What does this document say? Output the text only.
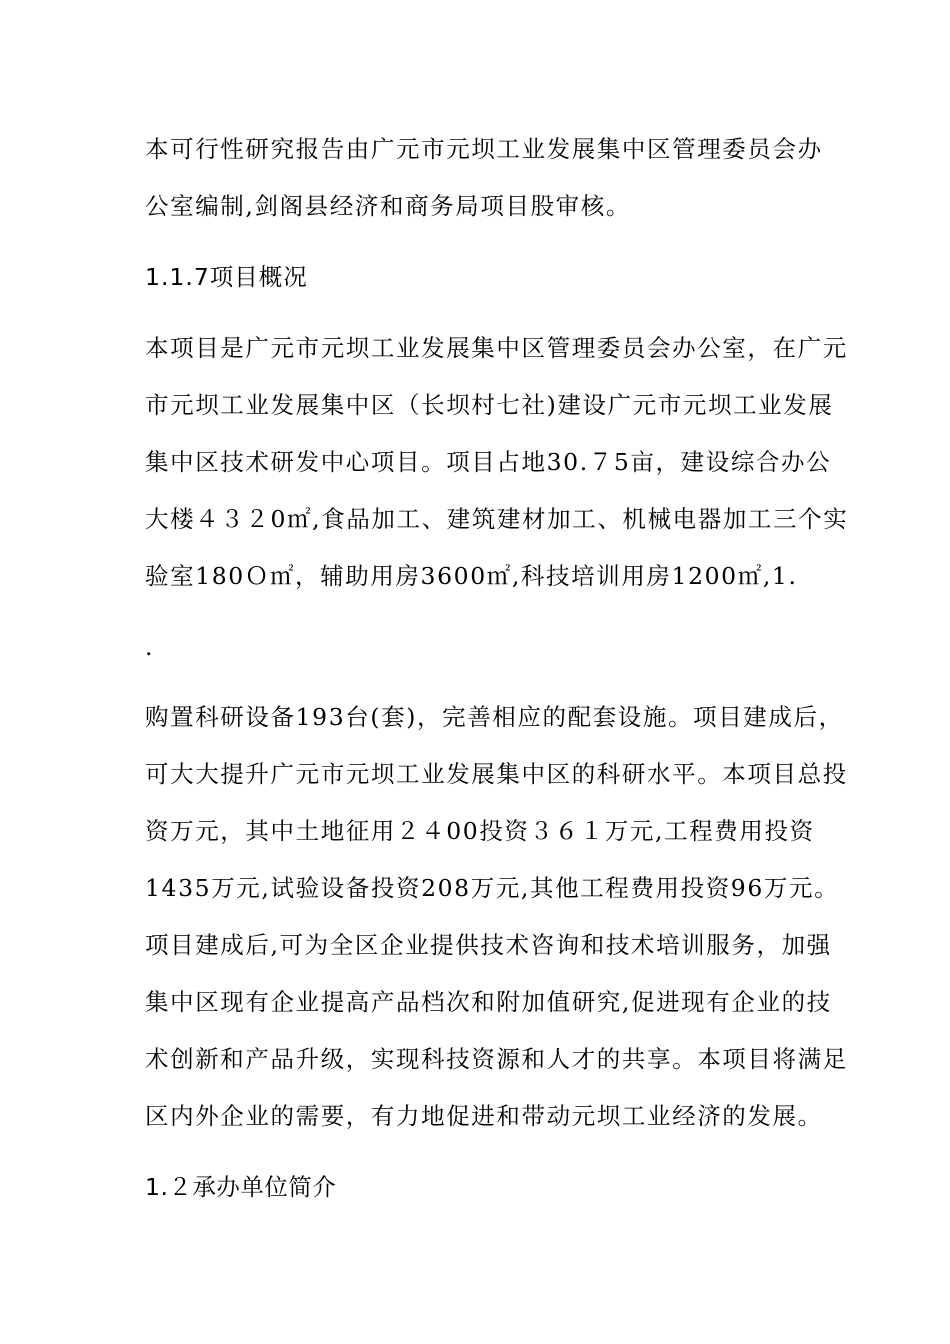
本可行性研究报告由广元市元坝工业发展集中区管理委员会办
公室编制,剑阁县经济和商务局项目股审核。
1.1.7项目概况
本项目是广元市元坝工业发展集中区管理委员会办公室，在广元
市元坝工业发展集中区（长坝村七社)建设广元市元坝工业发展
集中区技术研发中心项目。项目占地30.７5亩，建设综合办公
大楼４３２0㎡,食品加工、建筑建材加工、机械电器加工三个实
验室180Ｏ㎡，辅助用房3600㎡,科技培训用房1200㎡,1.
.
购置科研设备193台(套)，完善相应的配套设施。项目建成后，
可大大提升广元市元坝工业发展集中区的科研水平。本项目总投
资万元，其中土地征用２４00投资３６１万元,工程费用投资
1435万元,试验设备投资208万元,其他工程费用投资96万元。
项目建成后,可为全区企业提供技术咨询和技术培训服务，加强
集中区现有企业提高产品档次和附加值研究,促进现有企业的技
术创新和产品升级，实现科技资源和人才的共享。本项目将满足
区内外企业的需要，有力地促进和带动元坝工业经济的发展。
1.２承办单位简介
